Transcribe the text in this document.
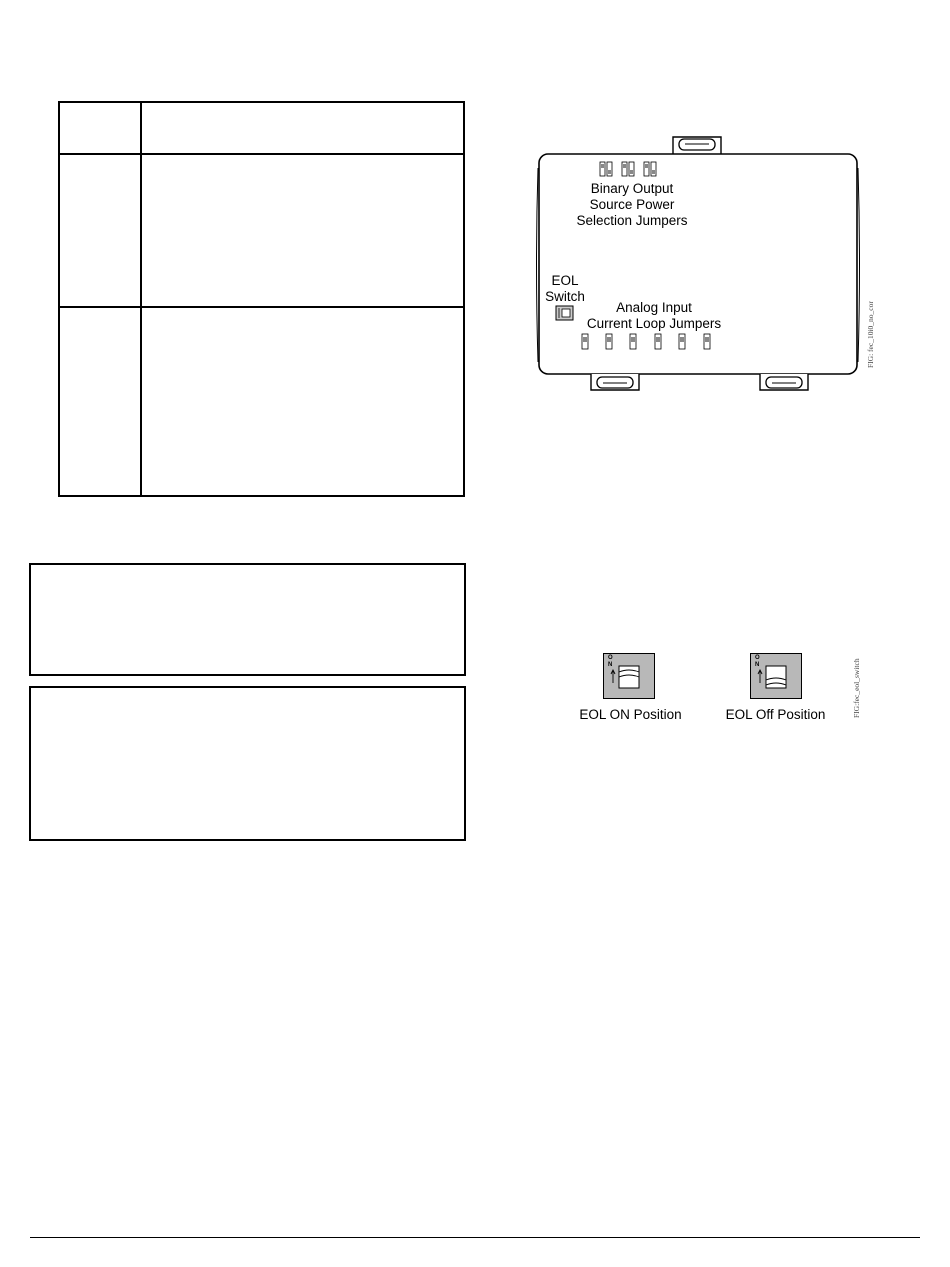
Binary Output
Source Power
Selection Jumpers
EOL
Switch
Analog Input
Current Loop Jumpers	FIG: fec_10i0_no_cor
O
N
EOL ON Position
O
N
EOL Off Position	FIG:fec_eol_switch
